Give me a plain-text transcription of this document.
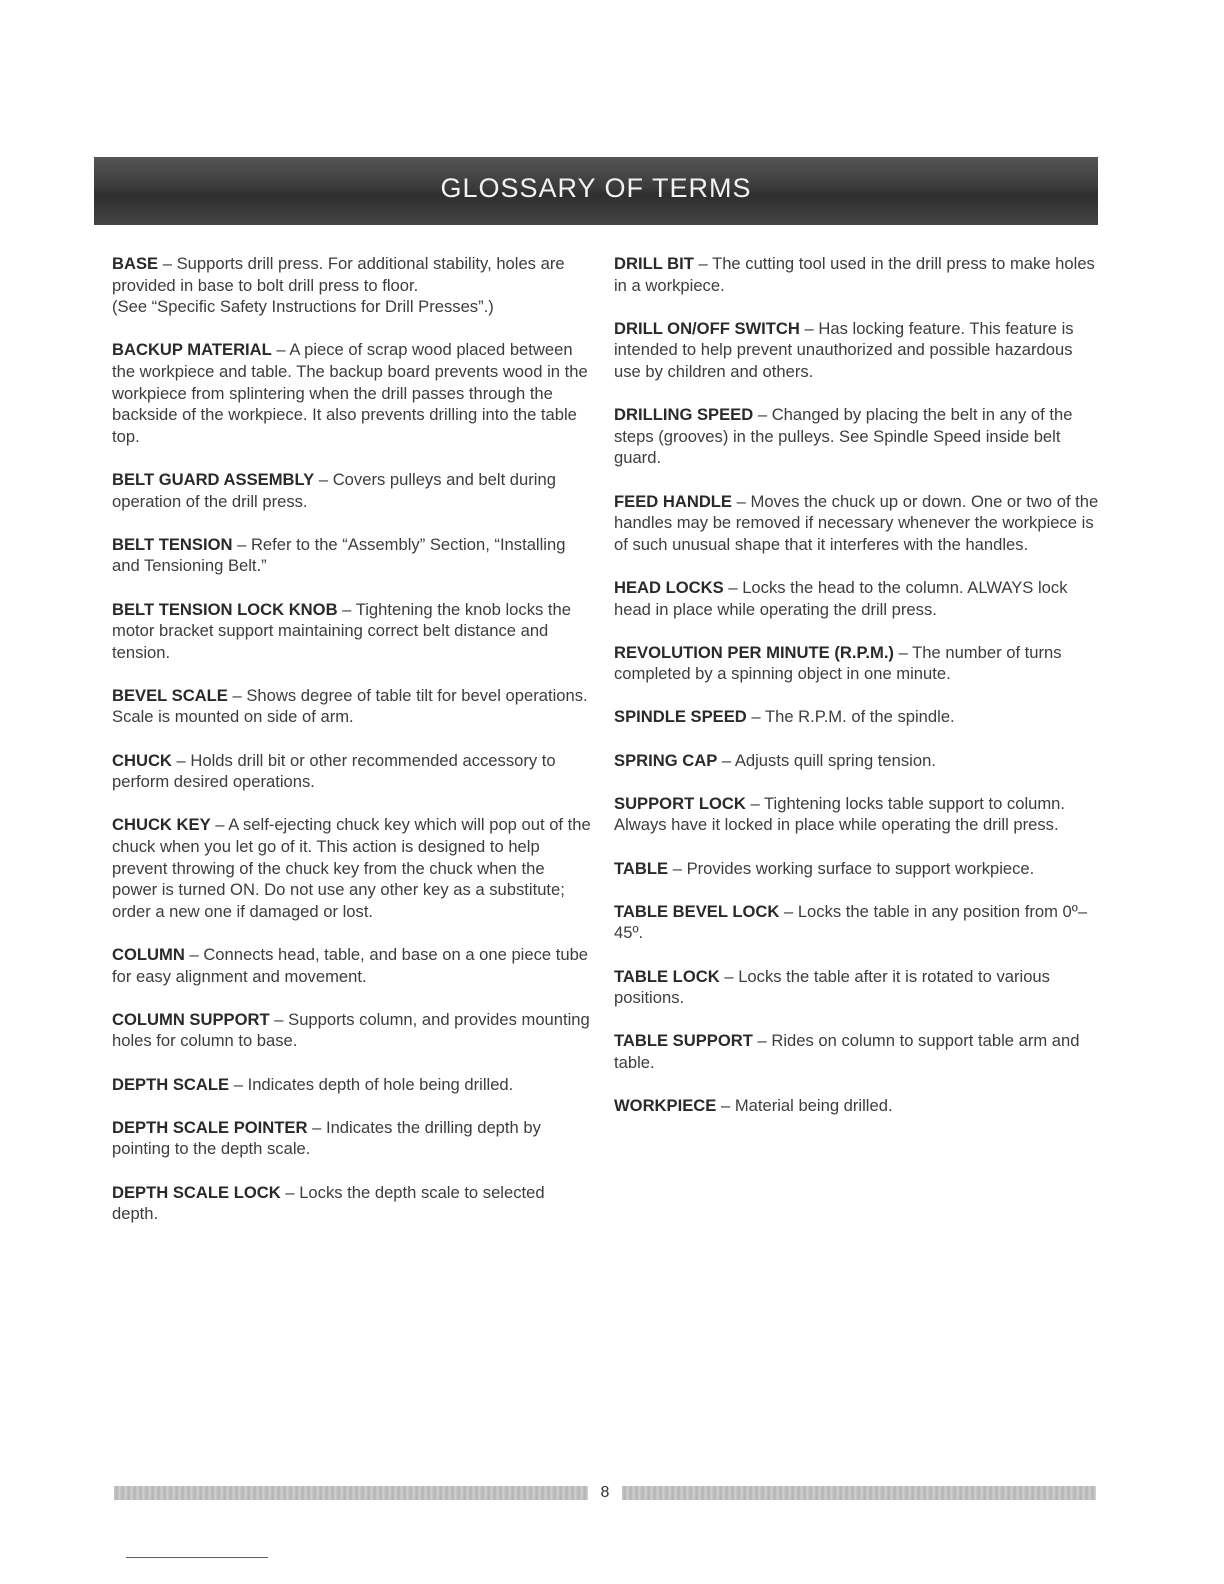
GLOSSARY OF TERMS

BASE – Supports drill press. For additional stability, holes are provided in base to bolt drill press to floor.
(See “Specific Safety Instructions for Drill Presses”.)

BACKUP MATERIAL – A piece of scrap wood placed between the workpiece and table. The backup board prevents wood in the workpiece from splintering when the drill passes through the backside of the workpiece. It also prevents drilling into the table top.

BELT GUARD ASSEMBLY – Covers pulleys and belt during operation of the drill press.

BELT TENSION – Refer to the “Assembly” Section, “Installing and Tensioning Belt.”

BELT TENSION LOCK KNOB – Tightening the knob locks the motor bracket support maintaining correct belt distance and tension.

BEVEL SCALE – Shows degree of table tilt for bevel operations. Scale is mounted on side of arm.

CHUCK – Holds drill bit or other recommended accessory to perform desired operations.

CHUCK KEY – A self-ejecting chuck key which will pop out of the chuck when you let go of it. This action is designed to help prevent throwing of the chuck key from the chuck when the power is turned ON. Do not use any other key as a substitute; order a new one if damaged or lost.

COLUMN – Connects head, table, and base on a one piece tube for easy alignment and movement.

COLUMN SUPPORT – Supports column, and provides mounting holes for column to base.

DEPTH SCALE – Indicates depth of hole being drilled.

DEPTH SCALE POINTER – Indicates the drilling depth by pointing to the depth scale.

DEPTH SCALE LOCK – Locks the depth scale to selected depth.

DRILL BIT – The cutting tool used in the drill press to make holes in a workpiece.

DRILL ON/OFF SWITCH – Has locking feature. This feature is intended to help prevent unauthorized and possible hazardous use by children and others.

DRILLING SPEED – Changed by placing the belt in any of the steps (grooves) in the pulleys. See Spindle Speed inside belt guard.

FEED HANDLE – Moves the chuck up or down. One or two of the handles may be removed if necessary whenever the workpiece is of such unusual shape that it interferes with the handles.

HEAD LOCKS – Locks the head to the column. ALWAYS lock head in place while operating the drill press.

REVOLUTION PER MINUTE (R.P.M.) – The number of turns completed by a spinning object in one minute.

SPINDLE SPEED – The R.P.M. of the spindle.

SPRING CAP – Adjusts quill spring tension.

SUPPORT LOCK – Tightening locks table support to column. Always have it locked in place while operating the drill press.

TABLE – Provides working surface to support workpiece.

TABLE BEVEL LOCK – Locks the table in any position from 0º– 45º.

TABLE LOCK – Locks the table after it is rotated to various positions.

TABLE SUPPORT – Rides on column to support table arm and table.

WORKPIECE – Material being drilled.

8
